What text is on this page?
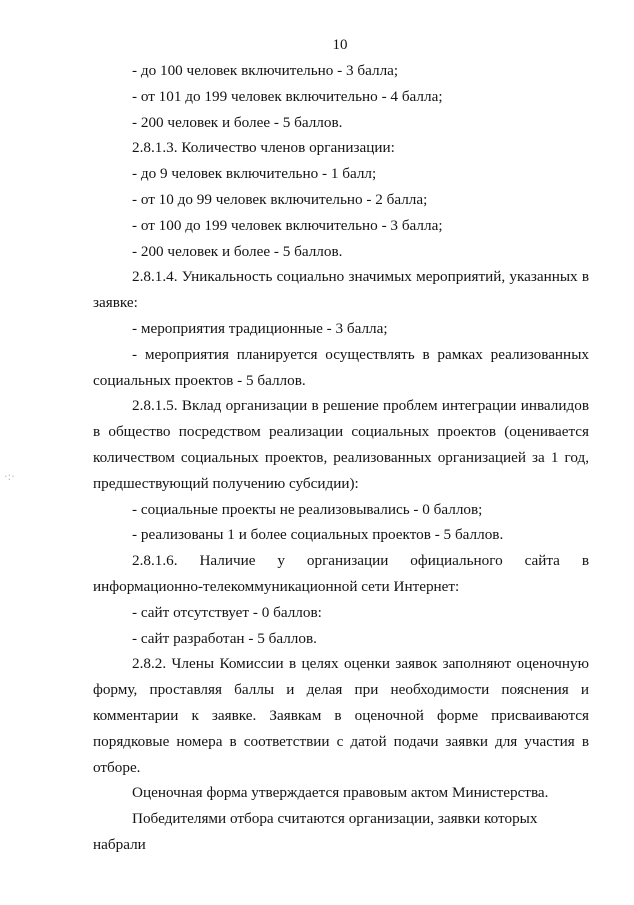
10

- до 100 человек включительно - 3 балла;

- от 101 до 199 человек включительно - 4 балла;

- 200 человек и более - 5 баллов.

2.8.1.3. Количество членов организации:

- до 9 человек включительно - 1 балл;

- от 10 до 99 человек включительно - 2 балла;

- от 100 до 199 человек включительно - 3 балла;

- 200 человек и более - 5 баллов.

2.8.1.4. Уникальность социально значимых мероприятий, указанных в заявке:

- мероприятия традиционные - 3 балла;

- мероприятия планируется осуществлять в рамках реализованных социальных проектов - 5 баллов.

2.8.1.5. Вклад организации в решение проблем интеграции инвалидов в общество посредством реализации социальных проектов (оценивается количеством социальных проектов, реализованных организацией за 1 год, предшествующий получению субсидии):

- социальные проекты не реализовывались - 0 баллов;

- реализованы 1 и более социальных проектов - 5 баллов.

2.8.1.6. Наличие у организации официального сайта в информационно-телекоммуникационной сети Интернет:

- сайт отсутствует - 0 баллов:

- сайт разработан - 5 баллов.

2.8.2. Члены Комиссии в целях оценки заявок заполняют оценочную форму, проставляя баллы и делая при необходимости пояснения и комментарии к заявке. Заявкам в оценочной форме присваиваются порядковые номера в соответствии с датой подачи заявки для участия в отборе.

Оценочная форма утверждается правовым актом Министерства.

Победителями отбора считаются организации, заявки которых набрали

·:·
